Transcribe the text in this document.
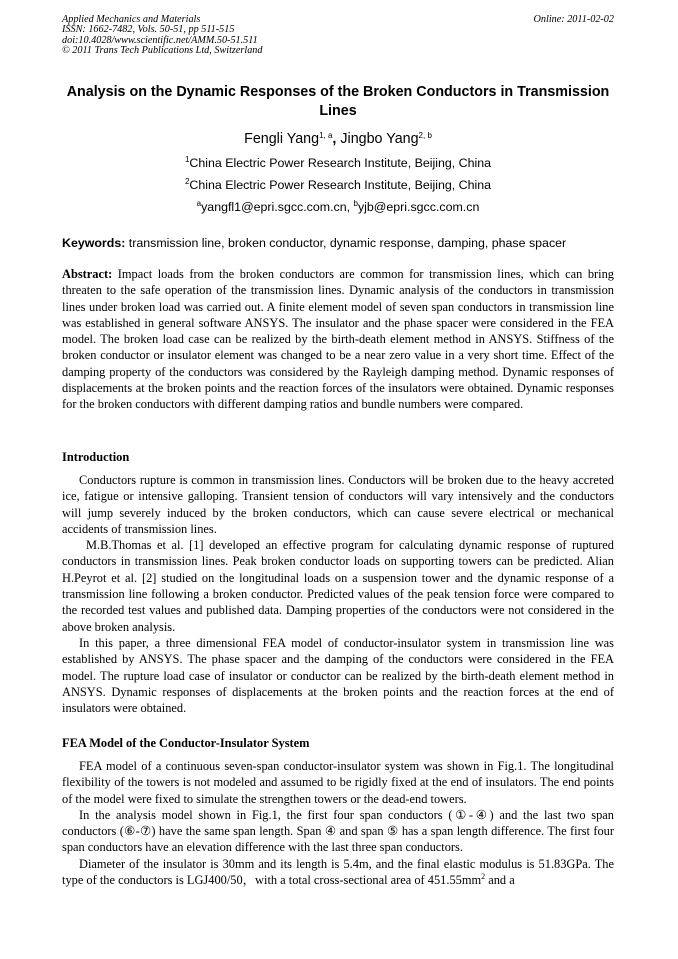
Applied Mechanics and Materials
ISSN: 1662-7482, Vols. 50-51, pp 511-515
doi:10.4028/www.scientific.net/AMM.50-51.511
© 2011 Trans Tech Publications Ltd, Switzerland
Online: 2011-02-02
Analysis on the Dynamic Responses of the Broken Conductors in Transmission Lines
Fengli Yang$^{1, a}$, Jingbo Yang$^{2, b}$
$^1$China Electric Power Research Institute, Beijing, China
$^2$China Electric Power Research Institute, Beijing, China
$^a$yangfl1@epri.sgcc.com.cn, $^b$yjb@epri.sgcc.com.cn
Keywords: transmission line, broken conductor, dynamic response, damping, phase spacer

Abstract: Impact loads from the broken conductors are common for transmission lines, which can bring threaten to the safe operation of the transmission lines. Dynamic analysis of the conductors in transmission lines under broken load was carried out. A finite element model of seven span conductors in transmission line was established in general software ANSYS. The insulator and the phase spacer were considered in the FEA model. The broken load case can be realized by the birth-death element method in ANSYS. Stiffness of the broken conductor or insulator element was changed to be a near zero value in a very short time. Effect of the damping property of the conductors was considered by the Rayleigh damping method. Dynamic responses of displacements at the broken points and the reaction forces of the insulators were obtained. Dynamic responses for the broken conductors with different damping ratios and bundle numbers were compared.

Introduction

Conductors rupture is common in transmission lines. Conductors will be broken due to the heavy accreted ice, fatigue or intensive galloping. Transient tension of conductors will vary intensively and the conductors will jump severely induced by the broken conductors, which can cause severe electrical or mechanical accidents of transmission lines.

M.B.Thomas et al. [1] developed an effective program for calculating dynamic response of ruptured conductors in transmission lines. Peak broken conductor loads on supporting towers can be predicted. Alian H.Peyrot et al. [2] studied on the longitudinal loads on a suspension tower and the dynamic response of a transmission line following a broken conductor. Predicted values of the peak tension force were compared to the recorded test values and published data. Damping properties of the conductors were not considered in the above broken analysis.

In this paper, a three dimensional FEA model of conductor-insulator system in transmission line was established by ANSYS. The phase spacer and the damping of the conductors were considered in the FEA model. The rupture load case of insulator or conductor can be realized by the birth-death element method in ANSYS. Dynamic responses of displacements at the broken points and the reaction forces at the end of insulators were obtained.

FEA Model of the Conductor-Insulator System

FEA model of a continuous seven-span conductor-insulator system was shown in Fig.1. The longitudinal flexibility of the towers is not modeled and assumed to be rigidly fixed at the end of insulators. The end points of the model were fixed to simulate the strengthen towers or the dead-end towers.

In the analysis model shown in Fig.1, the first four span conductors (①-④) and the last two span conductors (⑥-⑦) have the same span length. Span ④ and span ⑤ has a span length difference. The first four span conductors have an elevation difference with the last three span conductors.

Diameter of the insulator is 30mm and its length is 5.4m, and the final elastic modulus is 51.83GPa. The type of the conductors is LGJ400/50，with a total cross-sectional area of $451.55mm^2$ and a
